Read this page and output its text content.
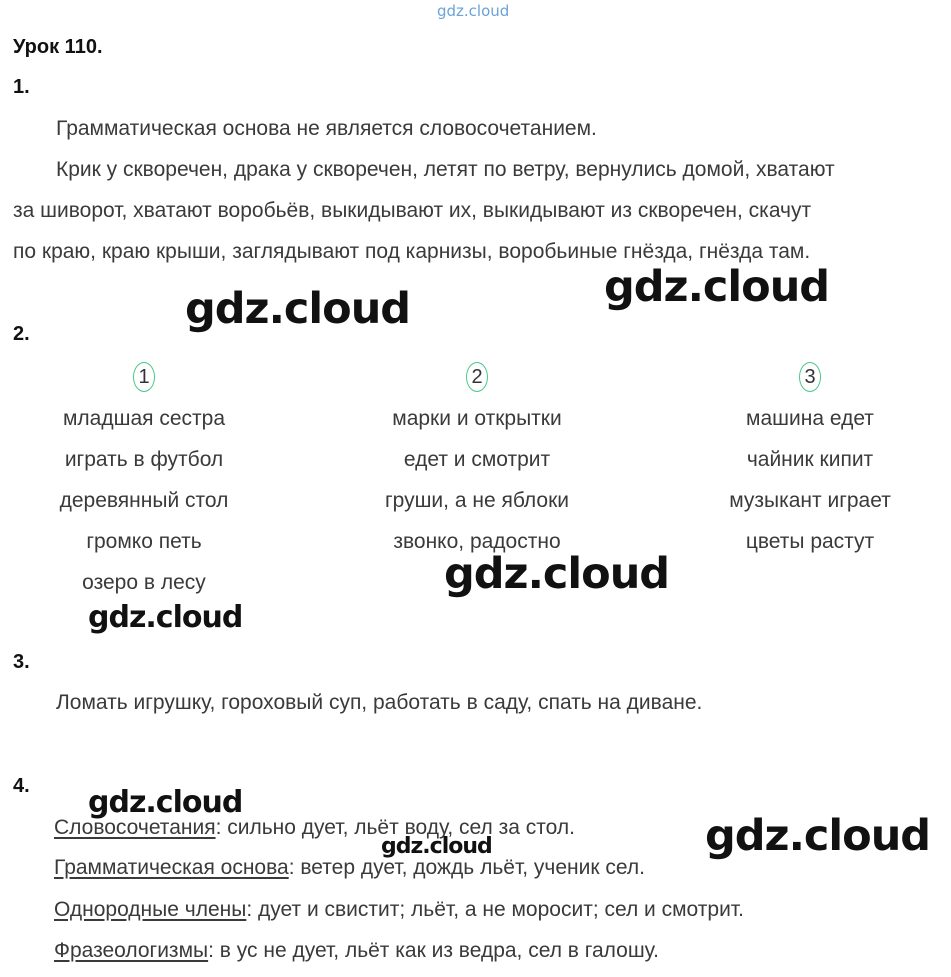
gdz.cloud
Урок 110.
1.
Грамматическая основа не является словосочетанием.
Крик у скворечен, драка у скворечен, летят по ветру, вернулись домой, хватают
за шиворот, хватают воробьёв, выкидывают их, выкидывают из скворечен, скачут
по краю, краю крыши, заглядывают под карнизы, воробьиные гнёзда, гнёзда там.
gdz.cloud	gdz.cloud
2.
1
младшая сестра
играть в футбол
деревянный стол
громко петь
озеро в лесу
2
марки и открытки
едет и смотрит
груши, а не яблоки
звонко, радостно
3
машина едет
чайник кипит
музыкант играет
цветы растут
gdz.cloud
gdz.cloud
3.
Ломать игрушку, гороховый суп, работать в саду, спать на диване.
4. gdz.cloud
Словосочетания: сильно дует, льёт воду, сел за стол.
Грамматическая основа: ветер дует, дождь льёт, ученик сел.
Однородные члены: дует и свистит; льёт, а не моросит; сел и смотрит.
Фразеологизмы: в ус не дует, льёт как из ведра, сел в галошу.
gdz.cloud	gdz.cloud
